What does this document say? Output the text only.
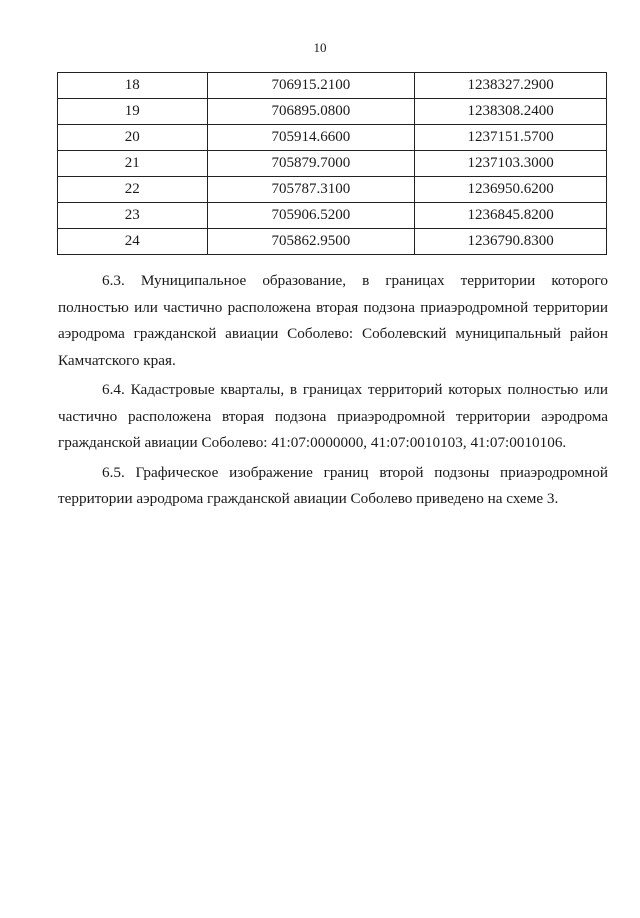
10
18	706915.2100	1238327.2900
19	706895.0800	1238308.2400
20	705914.6600	1237151.5700
21	705879.7000	1237103.3000
22	705787.3100	1236950.6200
23	705906.5200	1236845.8200
24	705862.9500	1236790.8300

6.3. Муниципальное образование, в границах территории которого полностью или частично расположена вторая подзона приаэродромной территории аэродрома гражданской авиации Соболево: Соболевский муниципальный район Камчатского края.

6.4. Кадастровые кварталы, в границах территорий которых полностью или частично расположена вторая подзона приаэродромной территории аэродрома гражданской авиации Соболево: 41:07:0000000, 41:07:0010103, 41:07:0010106.

6.5. Графическое изображение границ второй подзоны приаэродромной территории аэродрома гражданской авиации Соболево приведено на схеме 3.
